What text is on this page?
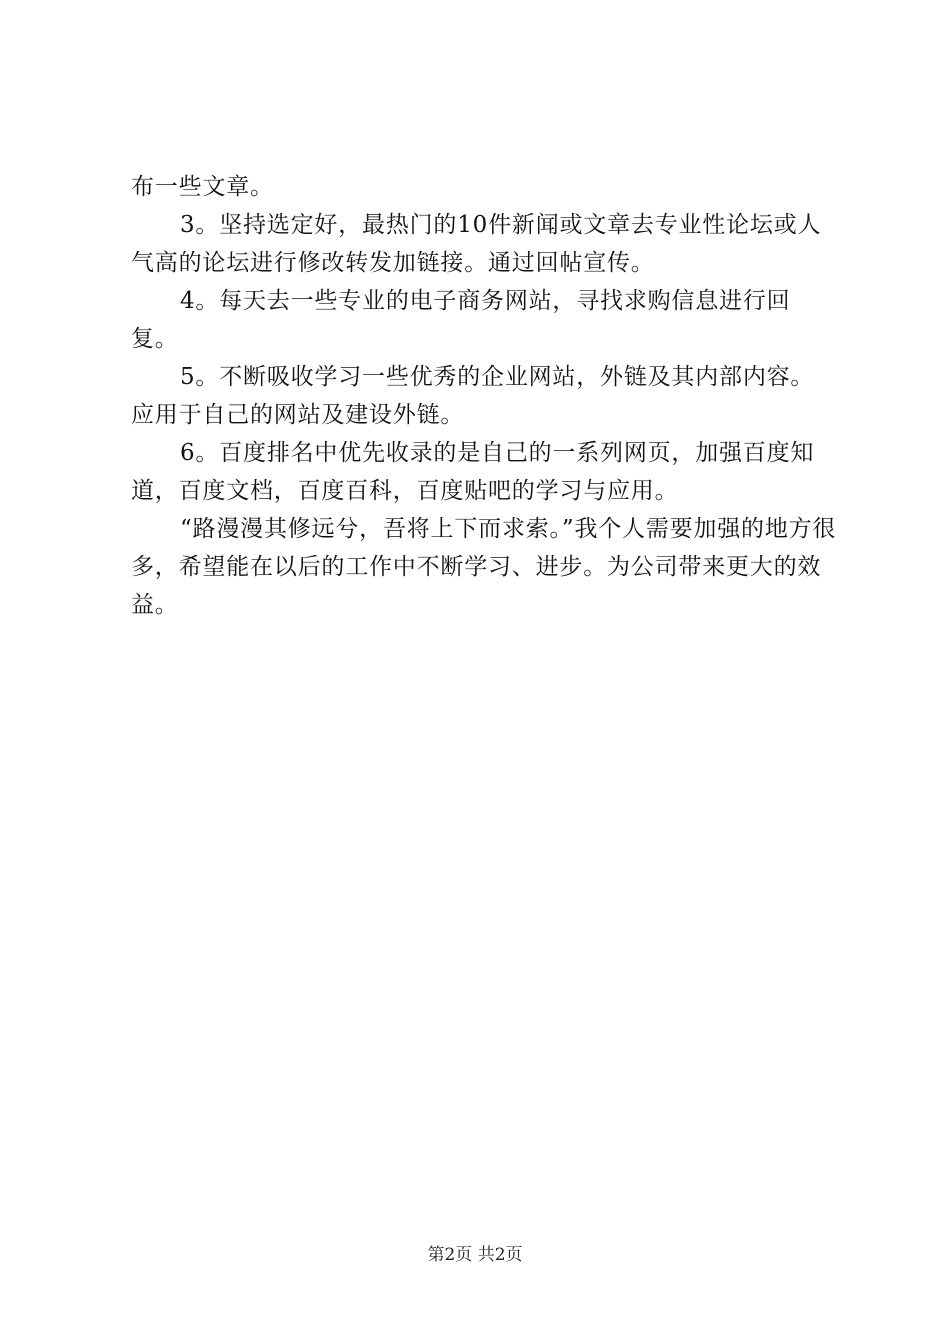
布一些文章。

3。坚持选定好，最热门的10件新闻或文章去专业性论坛或人气高的论坛进行修改转发加链接。通过回帖宣传。

4。每天去一些专业的电子商务网站，寻找求购信息进行回复。

5。不断吸收学习一些优秀的企业网站，外链及其内部内容。应用于自己的网站及建设外链。

6。百度排名中优先收录的是自己的一系列网页，加强百度知道，百度文档，百度百科，百度贴吧的学习与应用。

“路漫漫其修远兮，吾将上下而求索。”我个人需要加强的地方很多，希望能在以后的工作中不断学习、进步。为公司带来更大的效益。

第2页 共2页
